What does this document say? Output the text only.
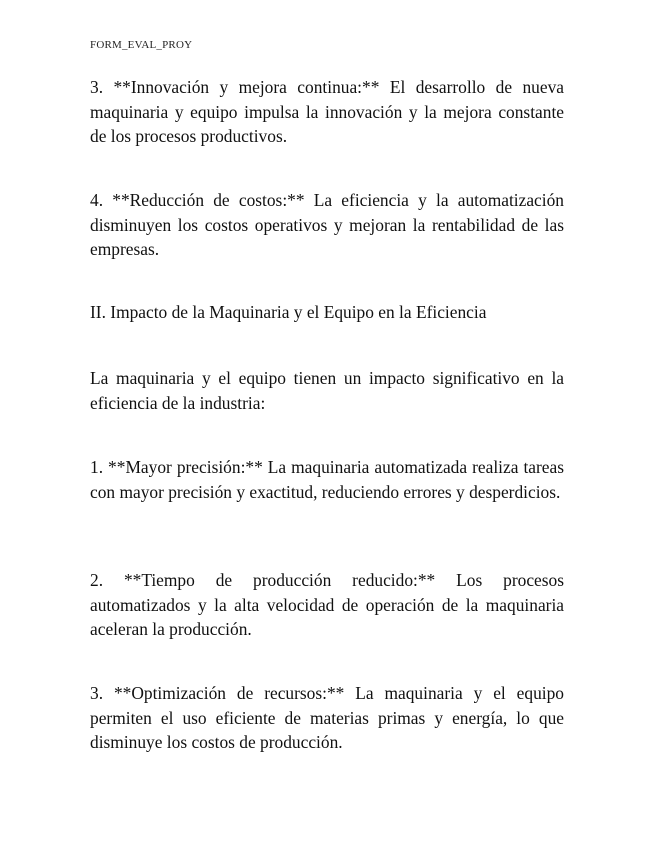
FORM_EVAL_PROY

3. **Innovación y mejora continua:** El desarrollo de nueva maquinaria y equipo impulsa la innovación y la mejora constante de los procesos productivos.

4. **Reducción de costos:** La eficiencia y la automatización disminuyen los costos operativos y mejoran la rentabilidad de las empresas.

II. Impacto de la Maquinaria y el Equipo en la Eficiencia

La maquinaria y el equipo tienen un impacto significativo en la eficiencia de la industria:

1. **Mayor precisión:** La maquinaria automatizada realiza tareas con mayor precisión y exactitud, reduciendo errores y desperdicios.

2. **Tiempo de producción reducido:** Los procesos automatizados y la alta velocidad de operación de la maquinaria aceleran la producción.

3. **Optimización de recursos:** La maquinaria y el equipo permiten el uso eficiente de materias primas y energía, lo que disminuye los costos de producción.
